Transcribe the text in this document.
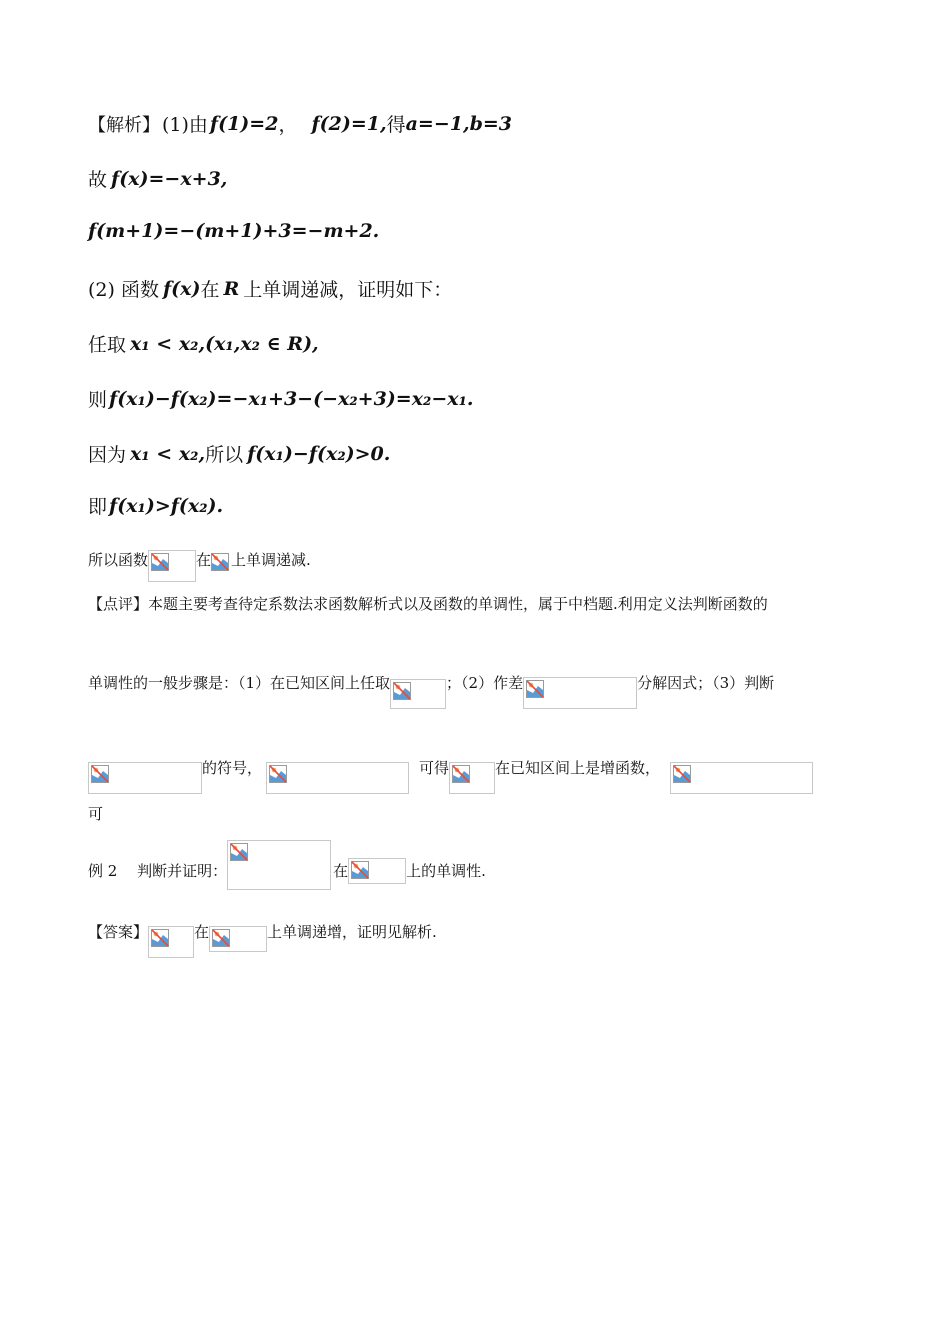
【解析】 (1)由 f(1)=2 ， f(2)=1, 得 a=−1,b=3
故 f(x)=−x+3,
f(m+1)=−(m+1)+3=−m+2.
(2) 函数 f(x) 在 R 上单调递减，证明如下：
任取 x₁ < x₂,(x₁,x₂ ∈ R),
则 f(x₁)−f(x₂)=−x₁+3−(−x₂+3)=x₂−x₁.
因为 x₁ < x₂, 所以 f(x₁)−f(x₂)>0.
即 f(x₁)>f(x₂).
所以函数	在 上单调递减.
【点评】本题主要考查待定系数法求函数解析式以及函数的单调性，属于中档题.利用定义法判断函数的
单调性的一般步骤是：（1）在已知区间上任取	；（2）作差	分解因式；（3）判断
的符号，	可得	在已知区间上是增函数，
可
例 2　 判断并证明：	在	上的单调性.
【答案】	在	上单调递增，证明见解析.
